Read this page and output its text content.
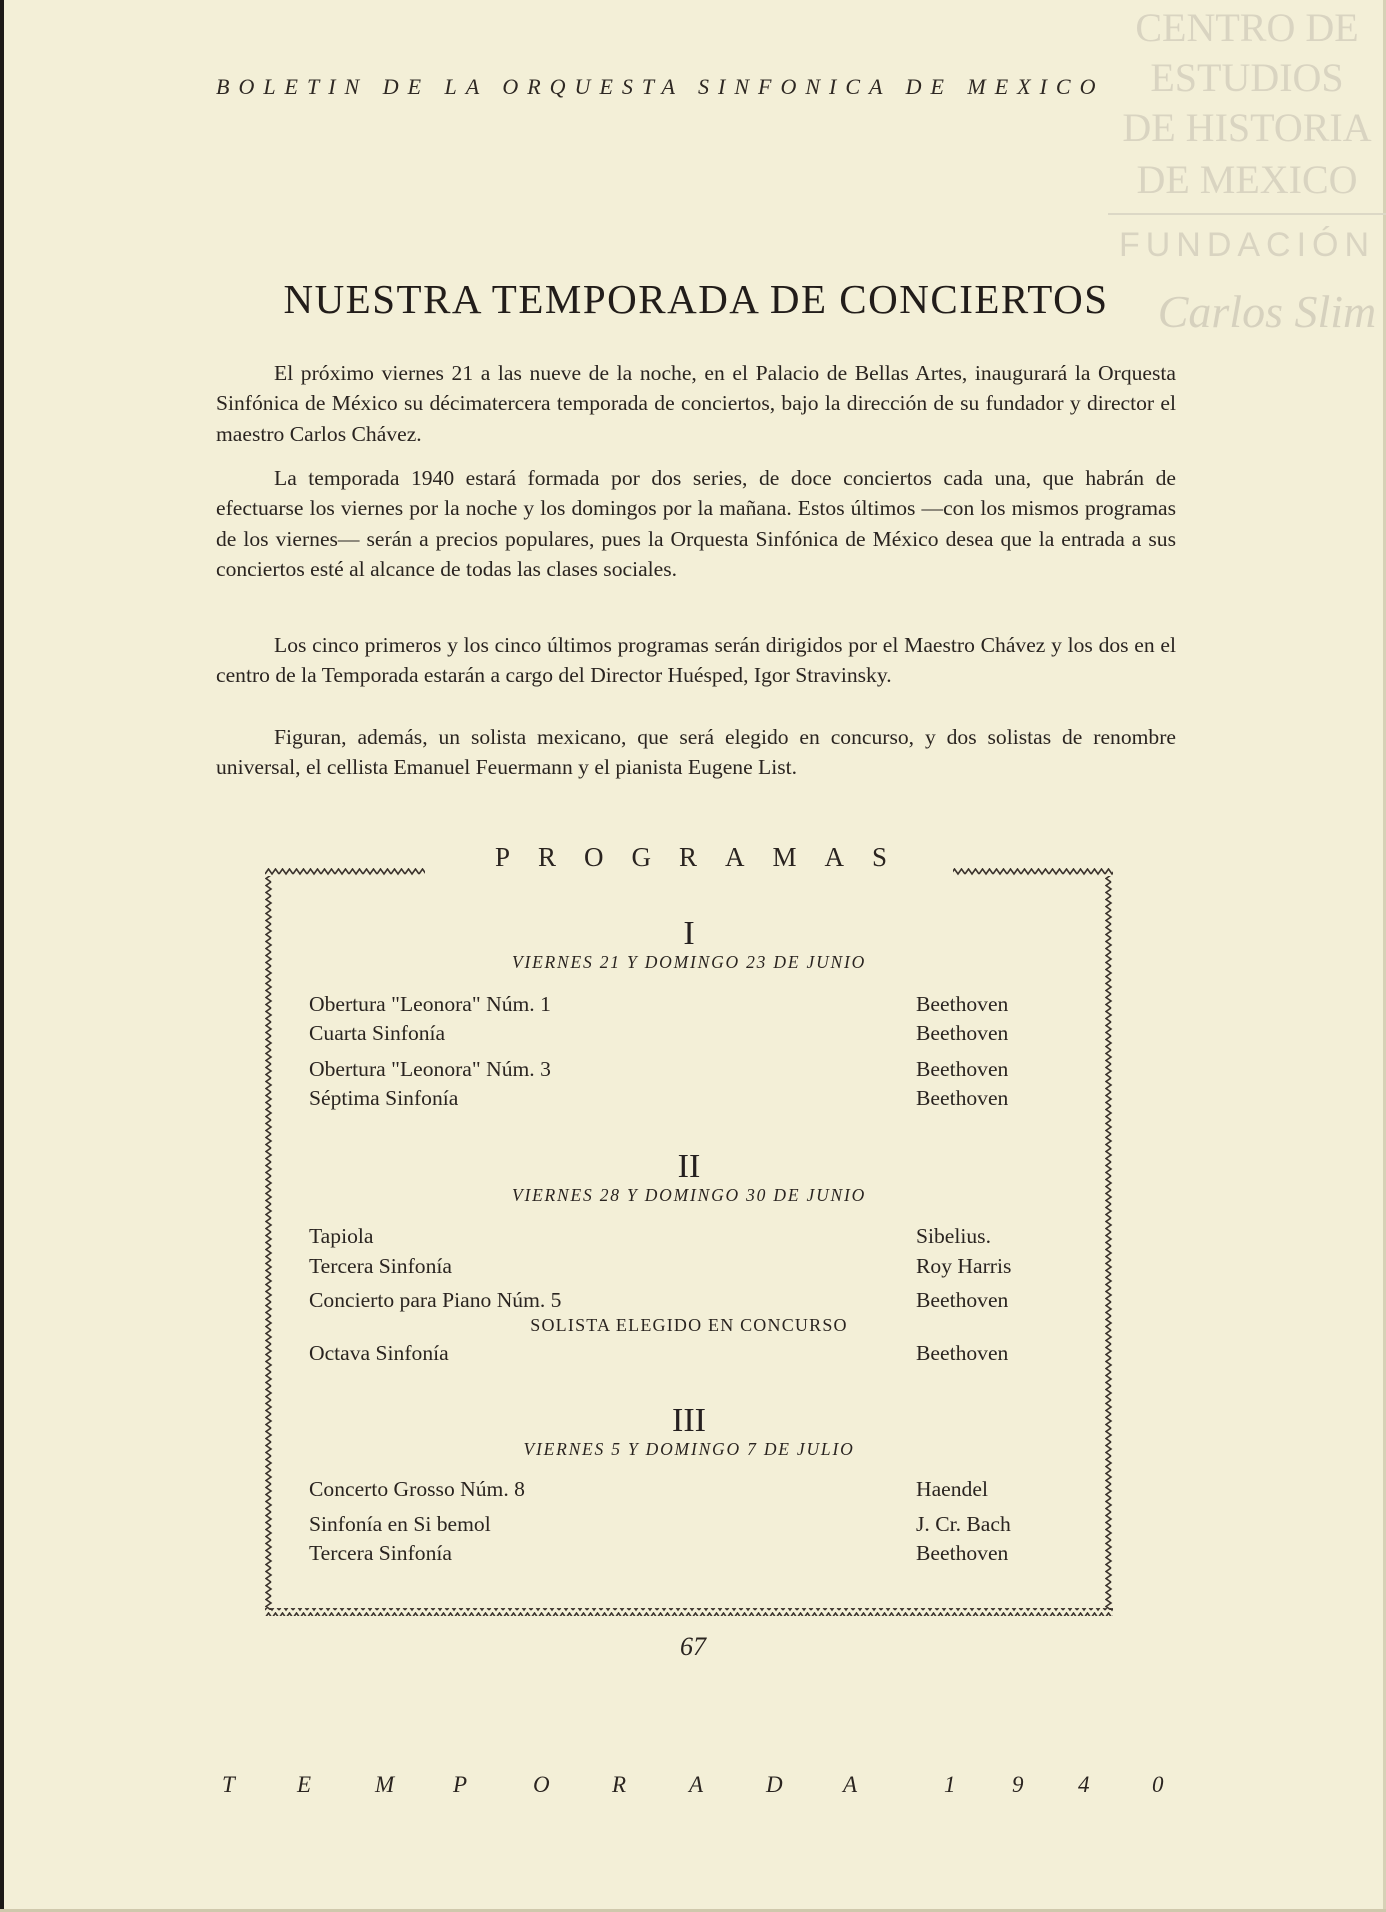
BOLETIN DE LA ORQUESTA SINFONICA DE MEXICO
CENTRO DE
ESTUDIOS
DE HISTORIA
DE MEXICO
FUNDACIÓN
Carlos Slim
NUESTRA TEMPORADA DE CONCIERTOS
El próximo viernes 21 a las nueve de la noche, en el Palacio de Bellas Artes, inaugurará la Orquesta Sinfónica de México su décimatercera temporada de conciertos, bajo la dirección de su fundador y director el maestro Carlos Chávez.
La temporada 1940 estará formada por dos series, de doce conciertos cada una, que habrán de efectuarse los viernes por la noche y los domingos por la mañana. Estos últimos —con los mismos programas de los viernes— serán a precios populares, pues la Orquesta Sinfónica de México desea que la entrada a sus conciertos esté al alcance de todas las clases sociales.
Los cinco primeros y los cinco últimos programas serán dirigidos por el Maestro Chávez y los dos en el centro de la Temporada estarán a cargo del Director Huésped, Igor Stravinsky.
Figuran, además, un solista mexicano, que será elegido en concurso, y dos solistas de renombre universal, el cellista Emanuel Feuermann y el pianista Eugene List.
PROGRAMAS
I
VIERNES 21 Y DOMINGO 23 DE JUNIO
Obertura "Leonora" Núm. 1	Beethoven
Cuarta Sinfonía	Beethoven
Obertura "Leonora" Núm. 3	Beethoven
Séptima Sinfonía	Beethoven
II
VIERNES 28 Y DOMINGO 30 DE JUNIO
Tapiola	Sibelius.
Tercera Sinfonía	Roy Harris
Concierto para Piano Núm. 5	Beethoven
SOLISTA ELEGIDO EN CONCURSO
Octava Sinfonía	Beethoven
III
VIERNES 5 Y DOMINGO 7 DE JULIO
Concerto Grosso Núm. 8	Haendel
Sinfonía en Si bemol	J. Cr. Bach
Tercera Sinfonía	Beethoven
67
T	E	M	P	O	R	A	D	A	1 9 4	0
